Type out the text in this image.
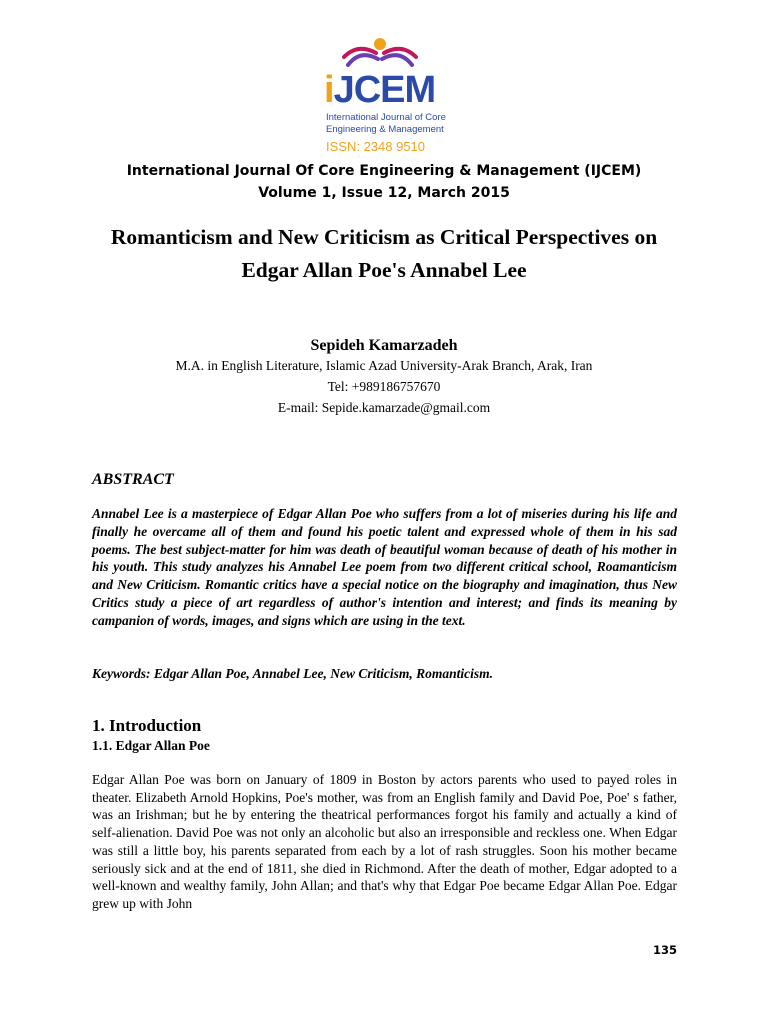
iJCEM
International Journal of Core
Engineering & Management
ISSN: 2348 9510
International Journal Of Core Engineering & Management (IJCEM)
Volume 1, Issue 12, March 2015
Romanticism and New Criticism as Critical Perspectives on
Edgar Allan Poe's Annabel Lee
Sepideh Kamarzadeh
M.A. in English Literature, Islamic Azad University-Arak Branch, Arak, Iran
Tel: +989186757670
E-mail: Sepide.kamarzade@gmail.com
ABSTRACT

Annabel Lee is a masterpiece of Edgar Allan Poe who suffers from a lot of miseries during his life and finally he overcame all of them and found his poetic talent and expressed whole of them in his sad poems. The best subject-matter for him was death of beautiful woman because of death of his mother in his youth. This study analyzes his Annabel Lee poem from two different critical school, Roamanticism and New Criticism. Romantic critics have a special notice on the biography and imagination, thus New Critics study a piece of art regardless of author's intention and interest; and finds its meaning by campanion of words, images, and signs which are using in the text.

Keywords: Edgar Allan Poe, Annabel Lee, New Criticism, Romanticism.

1. Introduction
1.1. Edgar Allan Poe

Edgar Allan Poe was born on January of 1809 in Boston by actors parents who used to payed roles in theater. Elizabeth Arnold Hopkins, Poe's mother, was from an English family and David Poe, Poe' s father, was an Irishman; but he by entering the theatrical performances forgot his family and actually a kind of self-alienation. David Poe was not only an alcoholic but also an irresponsible and reckless one. When Edgar was still a little boy, his parents separated from each by a lot of rash struggles. Soon his mother became seriously sick and at the end of 1811, she died in Richmond. After the death of mother, Edgar adopted to a well-known and wealthy family, John Allan; and that's why that Edgar Poe became Edgar Allan Poe. Edgar grew up with John

135
